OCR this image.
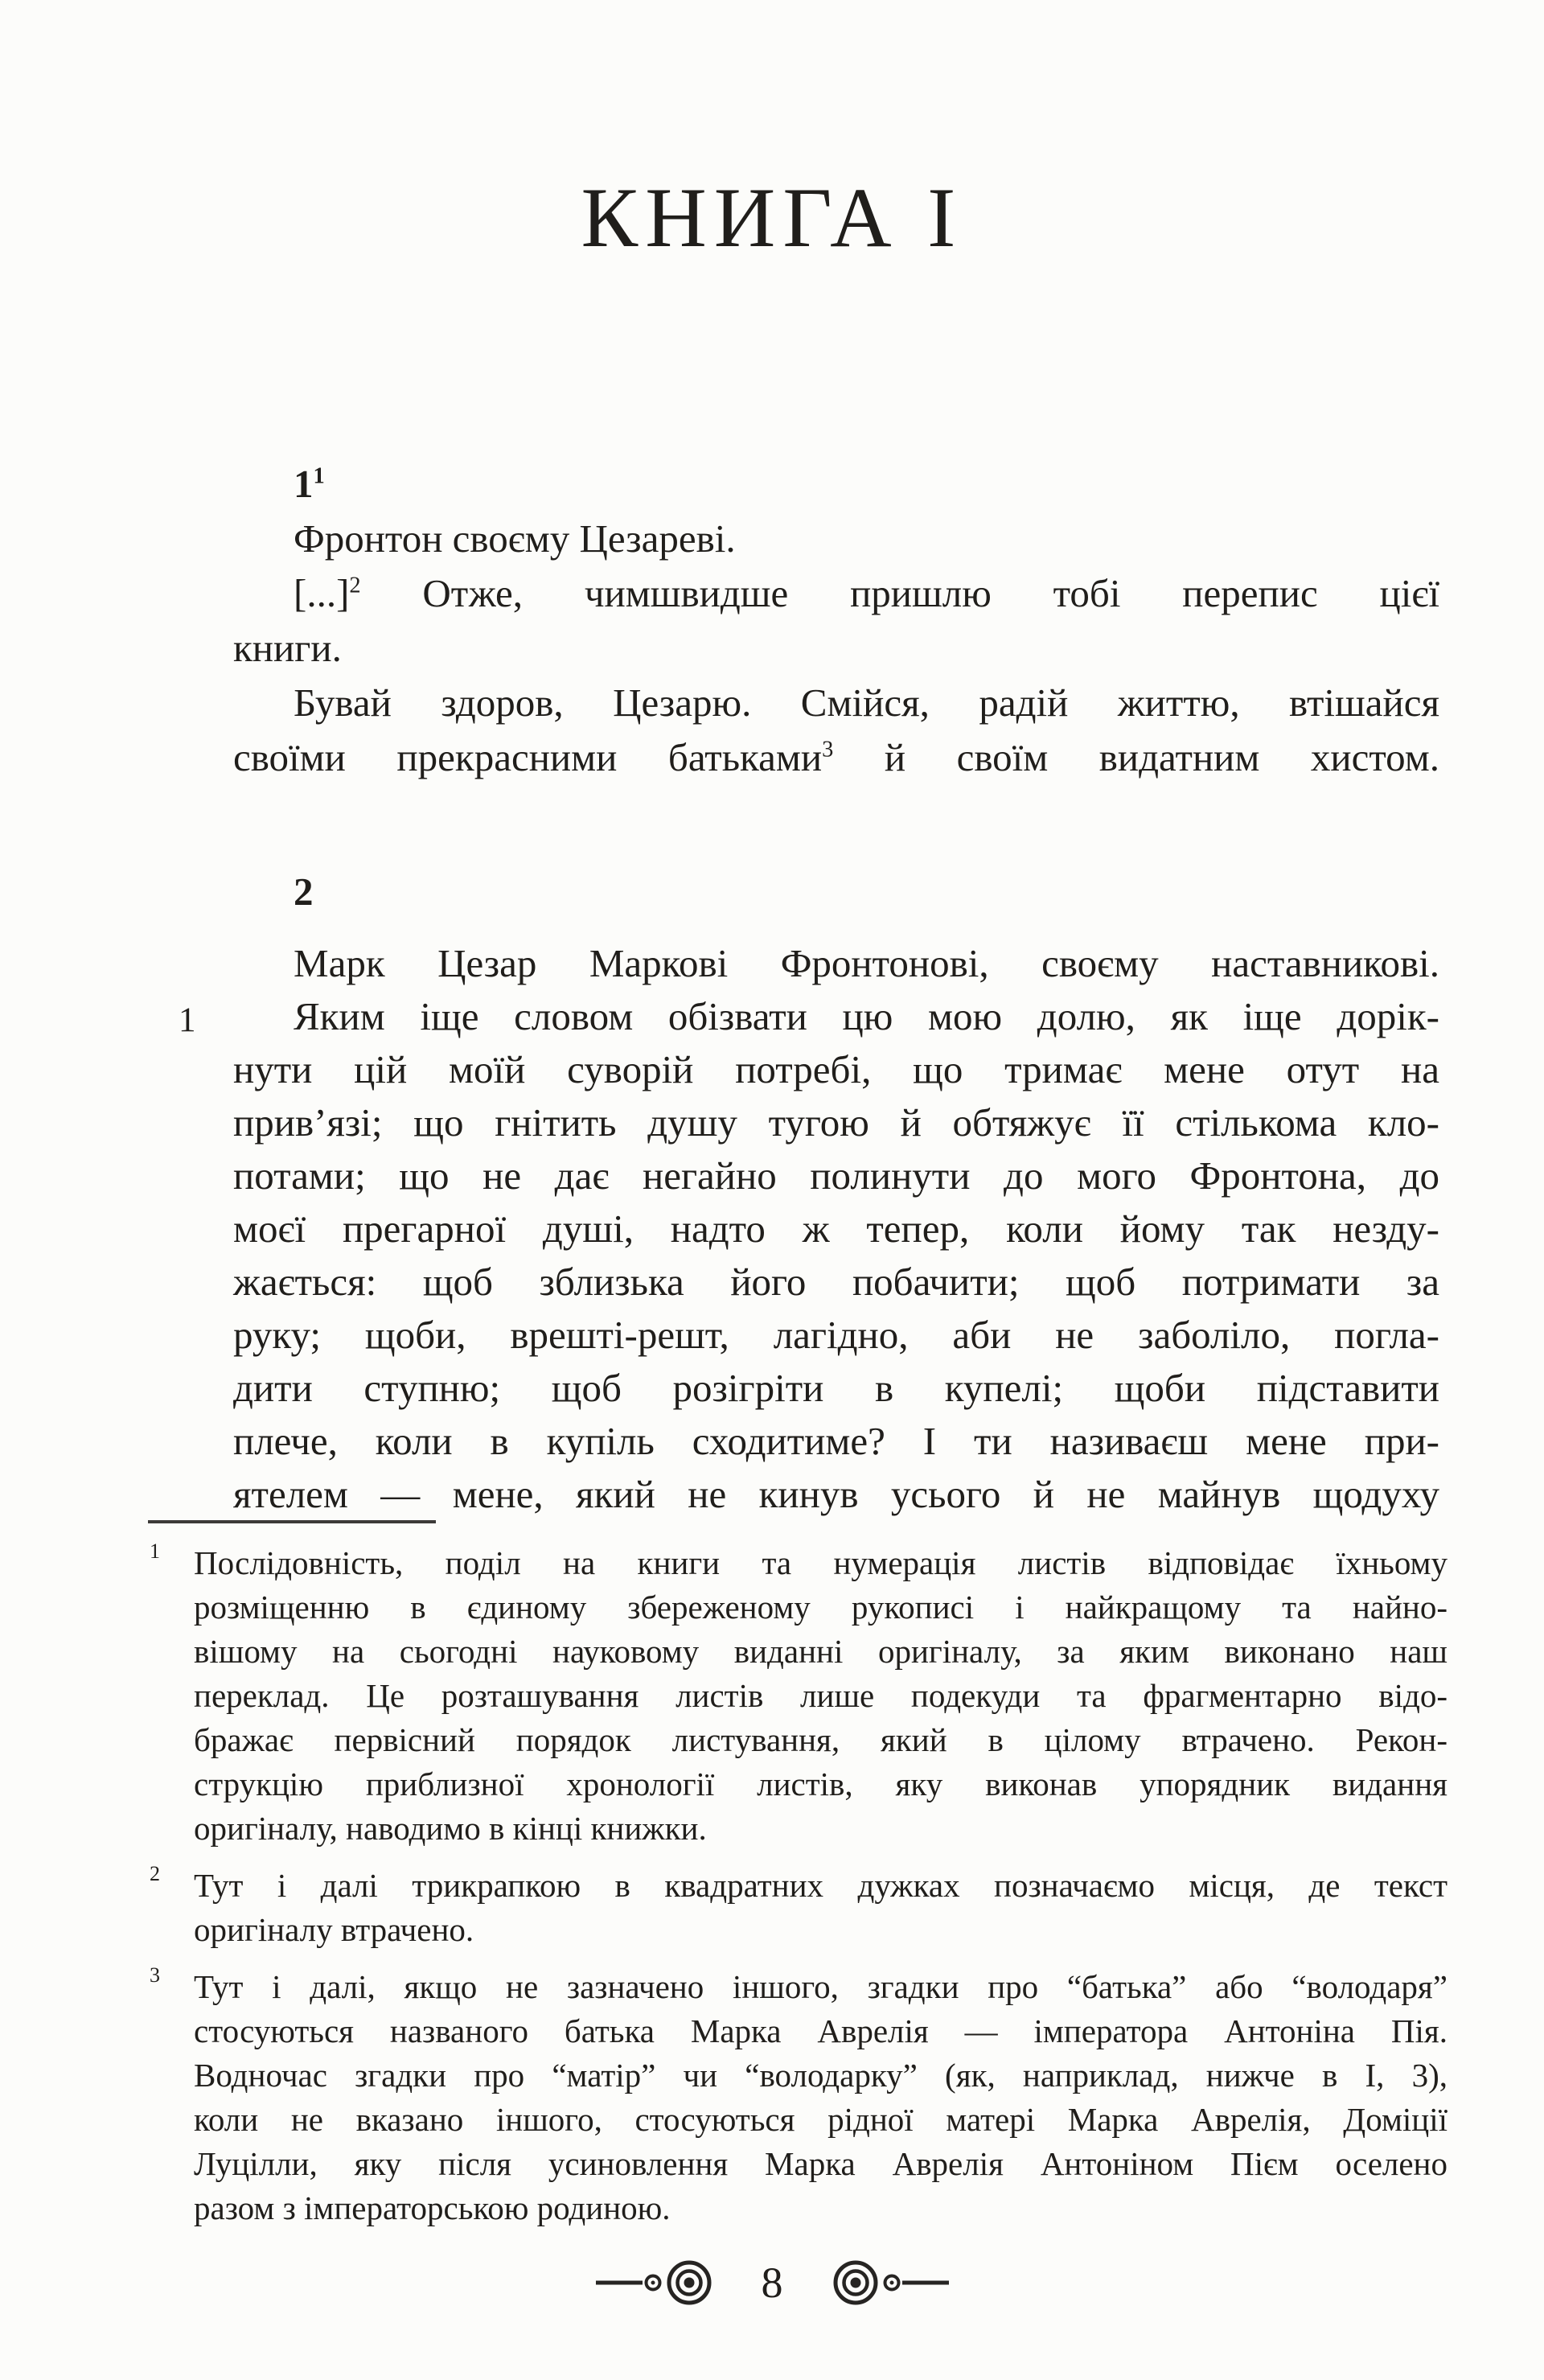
КНИГА І
$1^1$
Фронтон своєму Цезареві.
[...]$^2$ Отже, чимшвидше пришлю тобі перепис цієї
книги.
Бувай здоров, Цезарю. Смійся, радій життю, втішайся
своїми прекрасними батьками$^3$ й своїм видатним хистом.
2
Марк Цезар Маркові Фронтонові, своєму наставникові.
1 Яким іще словом обізвати цю мою долю, як іще дорік-
нути цій моїй суворій потребі, що тримає мене отут на
прив’язі; що гнітить душу тугою й обтяжує її стількома кло-
потами; що не дає негайно полинути до мого Фронтона, до
моєї прегарної душі, надто ж тепер, коли йому так незду-
жається: щоб зблизька його побачити; щоб потримати за
руку; щоби, врешті-решт, лагідно, аби не заболіло, погла-
дити ступню; щоб розігріти в купелі; щоби підставити
плече, коли в купіль сходитиме? І ти називаєш мене при-
ятелем — мене, який не кинув усього й не майнув щодуху
1 Послідовність, поділ на книги та нумерація листів відповідає їхньому
розміщенню в єдиному збереженому рукописі і найкращому та найно-
вішому на сьогодні науковому виданні оригіналу, за яким виконано наш
переклад. Це розташування листів лише подекуди та фрагментарно відо-
бражає первісний порядок листування, який в цілому втрачено. Рекон-
струкцію приблизної хронології листів, яку виконав упорядник видання
оригіналу, наводимо в кінці книжки.
2 Тут і далі трикрапкою в квадратних дужках позначаємо місця, де текст
оригіналу втрачено.
3 Тут і далі, якщо не зазначено іншого, згадки про “батька” або “володаря”
стосуються названого батька Марка Аврелія — імператора Антоніна Пія.
Водночас згадки про “матір” чи “володарку” (як, наприклад, нижче в І, 3),
коли не вказано іншого, стосуються рідної матері Марка Аврелія, Доміції
Луцілли, яку після усиновлення Марка Аврелія Антоніном Пієм оселено
разом з імператорською родиною.
8
